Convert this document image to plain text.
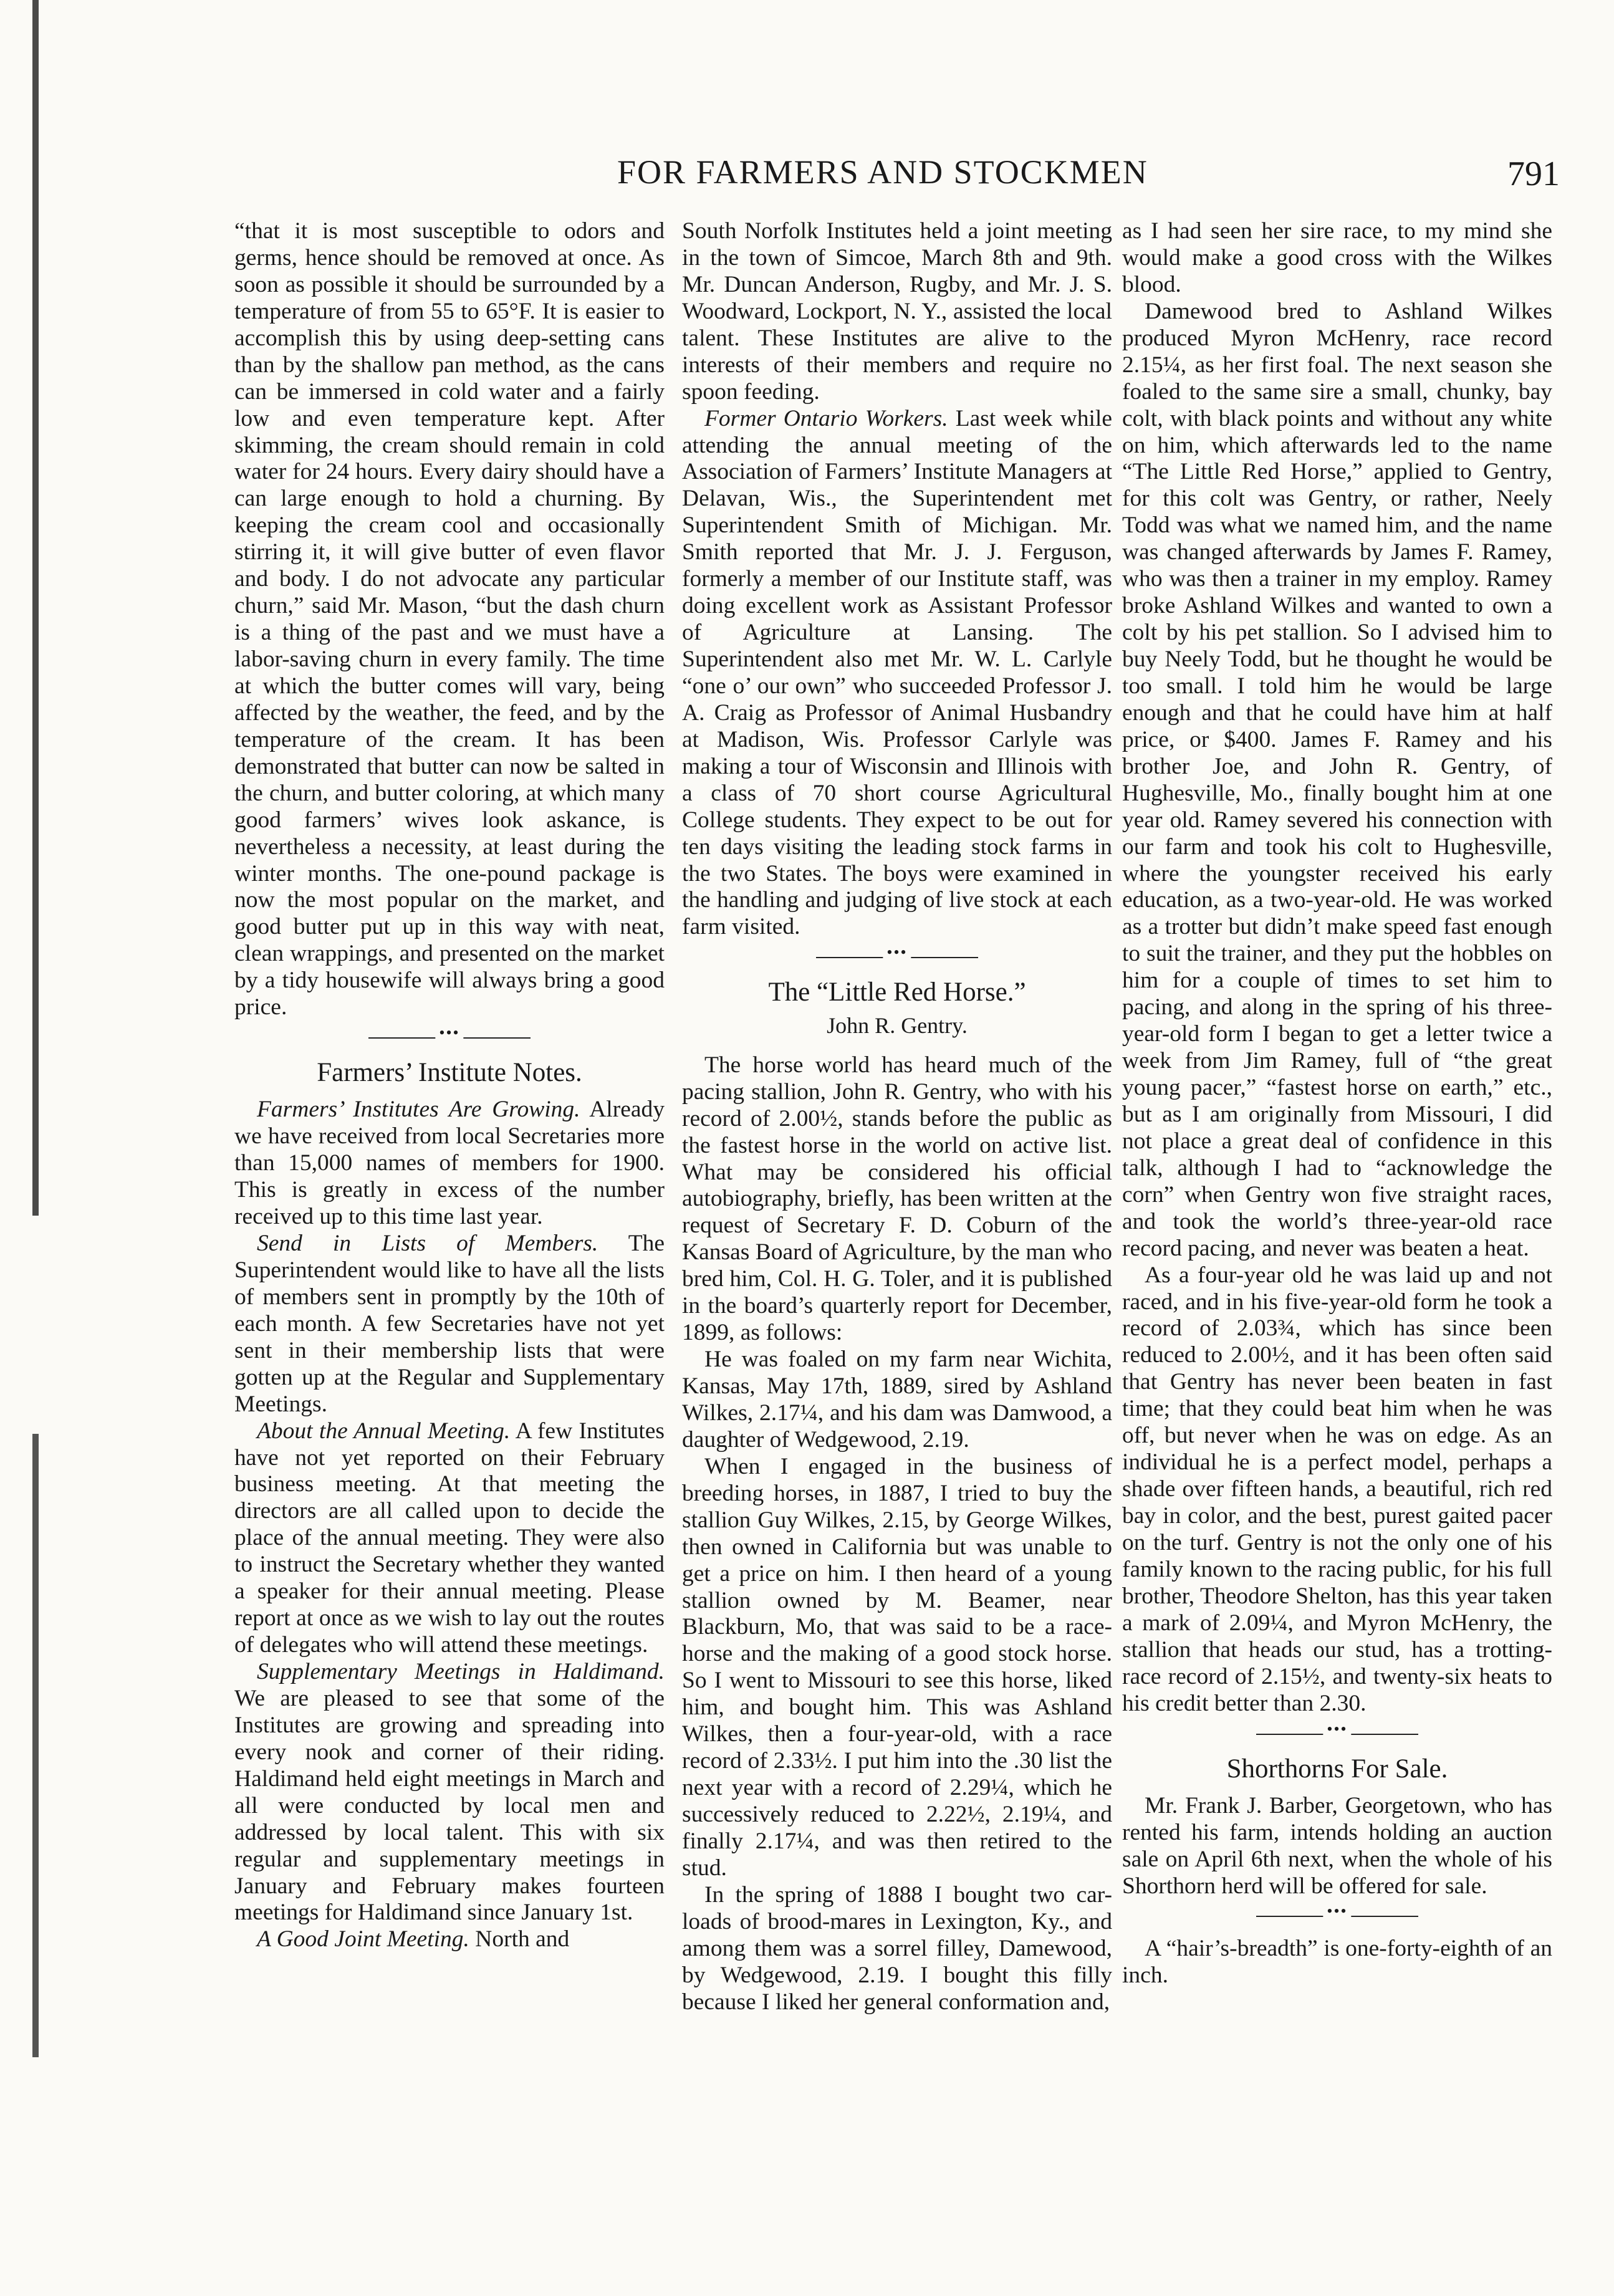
FOR FARMERS AND STOCKMEN	791

“that it is most susceptible to odors and germs, hence should be removed at once. As soon as possible it should be surrounded by a temperature of from 55 to 65°F. It is easier to accomplish this by using deep-setting cans than by the shallow pan method, as the cans can be immersed in cold water and a fairly low and even temperature kept. After skimming, the cream should remain in cold water for 24 hours. Every dairy should have a can large enough to hold a churning. By keeping the cream cool and occasionally stirring it, it will give butter of even flavor and body. I do not advocate any particular churn,” said Mr. Mason, “but the dash churn is a thing of the past and we must have a labor-saving churn in every family. The time at which the butter comes will vary, being affected by the weather, the feed, and by the temperature of the cream. It has been demonstrated that butter can now be salted in the churn, and butter coloring, at which many good farmers’ wives look askance, is nevertheless a necessity, at least during the winter months. The one-pound package is now the most popular on the market, and good butter put up in this way with neat, clean wrappings, and presented on the market by a tidy housewife will always bring a good price.

•••
Farmers’ Institute Notes.

Farmers’ Institutes Are Growing. Already we have received from local Secretaries more than 15,000 names of members for 1900. This is greatly in excess of the number received up to this time last year.

Send in Lists of Members. The Superintendent would like to have all the lists of members sent in promptly by the 10th of each month. A few Secretaries have not yet sent in their membership lists that were gotten up at the Regular and Supplementary Meetings.

About the Annual Meeting. A few Institutes have not yet reported on their February business meeting. At that meeting the directors are all called upon to decide the place of the annual meeting. They were also to instruct the Secretary whether they wanted a speaker for their annual meeting. Please report at once as we wish to lay out the routes of delegates who will attend these meetings.

Supplementary Meetings in Haldimand. We are pleased to see that some of the Institutes are growing and spreading into every nook and corner of their riding. Haldimand held eight meetings in March and all were conducted by local men and addressed by local talent. This with six regular and supplementary meetings in January and February makes fourteen meetings for Haldimand since January 1st.

A Good Joint Meeting. North and

South Norfolk Institutes held a joint meeting in the town of Simcoe, March 8th and 9th. Mr. Duncan Anderson, Rugby, and Mr. J. S. Woodward, Lockport, N. Y., assisted the local talent. These Institutes are alive to the interests of their members and require no spoon feeding.

Former Ontario Workers. Last week while attending the annual meeting of the Association of Farmers’ Institute Managers at Delavan, Wis., the Superintendent met Superintendent Smith of Michigan. Mr. Smith reported that Mr. J. J. Ferguson, formerly a member of our Institute staff, was doing excellent work as Assistant Professor of Agriculture at Lansing. The Superintendent also met Mr. W. L. Carlyle “one o’ our own” who succeeded Professor J. A. Craig as Professor of Animal Husbandry at Madison, Wis. Professor Carlyle was making a tour of Wisconsin and Illinois with a class of 70 short course Agricultural College students. They expect to be out for ten days visiting the leading stock farms in the two States. The boys were examined in the handling and judging of live stock at each farm visited.

•••
The “Little Red Horse.”
John R. Gentry.

The horse world has heard much of the pacing stallion, John R. Gentry, who with his record of 2.00½, stands before the public as the fastest horse in the world on active list. What may be considered his official autobiography, briefly, has been written at the request of Secretary F. D. Coburn of the Kansas Board of Agriculture, by the man who bred him, Col. H. G. Toler, and it is published in the board’s quarterly report for December, 1899, as follows:

He was foaled on my farm near Wichita, Kansas, May 17th, 1889, sired by Ashland Wilkes, 2.17¼, and his dam was Damwood, a daughter of Wedgewood, 2.19.

When I engaged in the business of breeding horses, in 1887, I tried to buy the stallion Guy Wilkes, 2.15, by George Wilkes, then owned in California but was unable to get a price on him. I then heard of a young stallion owned by M. Beamer, near Blackburn, Mo, that was said to be a race-horse and the making of a good stock horse. So I went to Missouri to see this horse, liked him, and bought him. This was Ashland Wilkes, then a four-year-old, with a race record of 2.33½. I put him into the .30 list the next year with a record of 2.29¼, which he successively reduced to 2.22½, 2.19¼, and finally 2.17¼, and was then retired to the stud.

In the spring of 1888 I bought two car-loads of brood-mares in Lexington, Ky., and among them was a sorrel filley, Damewood, by Wedgewood, 2.19. I bought this filly because I liked her general conformation and,

as I had seen her sire race, to my mind she would make a good cross with the Wilkes blood.

Damewood bred to Ashland Wilkes produced Myron McHenry, race record 2.15¼, as her first foal. The next season she foaled to the same sire a small, chunky, bay colt, with black points and without any white on him, which afterwards led to the name “The Little Red Horse,” applied to Gentry, for this colt was Gentry, or rather, Neely Todd was what we named him, and the name was changed afterwards by James F. Ramey, who was then a trainer in my employ. Ramey broke Ashland Wilkes and wanted to own a colt by his pet stallion. So I advised him to buy Neely Todd, but he thought he would be too small. I told him he would be large enough and that he could have him at half price, or $400. James F. Ramey and his brother Joe, and John R. Gentry, of Hughesville, Mo., finally bought him at one year old. Ramey severed his connection with our farm and took his colt to Hughesville, where the youngster received his early education, as a two-year-old. He was worked as a trotter but didn’t make speed fast enough to suit the trainer, and they put the hobbles on him for a couple of times to set him to pacing, and along in the spring of his three-year-old form I began to get a letter twice a week from Jim Ramey, full of “the great young pacer,” “fastest horse on earth,” etc., but as I am originally from Missouri, I did not place a great deal of confidence in this talk, although I had to “acknowledge the corn” when Gentry won five straight races, and took the world’s three-year-old race record pacing, and never was beaten a heat.

As a four-year old he was laid up and not raced, and in his five-year-old form he took a record of 2.03¾, which has since been reduced to 2.00½, and it has been often said that Gentry has never been beaten in fast time; that they could beat him when he was off, but never when he was on edge. As an individual he is a perfect model, perhaps a shade over fifteen hands, a beautiful, rich red bay in color, and the best, purest gaited pacer on the turf. Gentry is not the only one of his family known to the racing public, for his full brother, Theodore Shelton, has this year taken a mark of 2.09¼, and Myron McHenry, the stallion that heads our stud, has a trotting-race record of 2.15½, and twenty-six heats to his credit better than 2.30.

•••
Shorthorns For Sale.

Mr. Frank J. Barber, Georgetown, who has rented his farm, intends holding an auction sale on April 6th next, when the whole of his Shorthorn herd will be offered for sale.

•••

A “hair’s-breadth” is one-forty-eighth of an inch.
